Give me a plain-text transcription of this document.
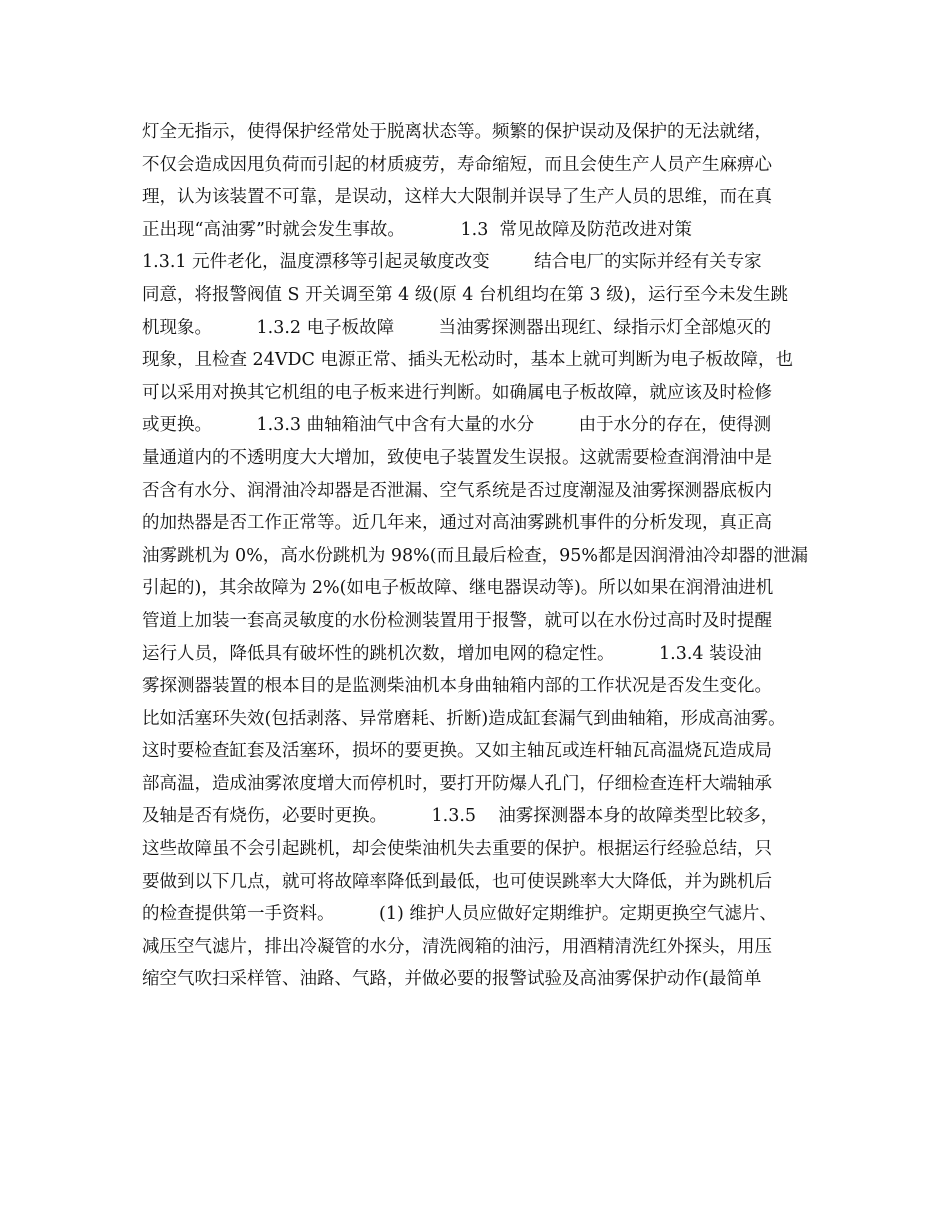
灯全无指示，使得保护经常处于脱离状态等。频繁的保护误动及保护的无法就绪，
不仅会造成因甩负荷而引起的材质疲劳，寿命缩短，而且会使生产人员产生麻痹心
理，认为该装置不可靠，是误动，这样大大限制并误导了生产人员的思维，而在真
正出现“高油雾”时就会发生事故。          1.3  常见故障及防范改进对策
1.3.1 元件老化，温度漂移等引起灵敏度改变        结合电厂的实际并经有关专家
同意，将报警阀值 S 开关调至第 4 级(原 4 台机组均在第 3 级)，运行至今未发生跳
机现象。        1.3.2 电子板故障        当油雾探测器出现红、绿指示灯全部熄灭的
现象，且检查 24VDC 电源正常、插头无松动时，基本上就可判断为电子板故障，也
可以采用对换其它机组的电子板来进行判断。如确属电子板故障，就应该及时检修
或更换。        1.3.3 曲轴箱油气中含有大量的水分        由于水分的存在，使得测
量通道内的不透明度大大增加，致使电子装置发生误报。这就需要检查润滑油中是
否含有水分、润滑油冷却器是否泄漏、空气系统是否过度潮湿及油雾探测器底板内
的加热器是否工作正常等。近几年来，通过对高油雾跳机事件的分析发现，真正高
油雾跳机为 0%，高水份跳机为 98%(而且最后检查，95%都是因润滑油冷却器的泄漏
引起的)，其余故障为 2%(如电子板故障、继电器误动等)。所以如果在润滑油进机
管道上加装一套高灵敏度的水份检测装置用于报警，就可以在水份过高时及时提醒
运行人员，降低具有破坏性的跳机次数，增加电网的稳定性。        1.3.4 装设油
雾探测器装置的根本目的是监测柴油机本身曲轴箱内部的工作状况是否发生变化。
比如活塞环失效(包括剥落、异常磨耗、折断)造成缸套漏气到曲轴箱，形成高油雾。
这时要检查缸套及活塞环，损坏的要更换。又如主轴瓦或连杆轴瓦高温烧瓦造成局
部高温，造成油雾浓度增大而停机时，要打开防爆人孔门，仔细检查连杆大端轴承
及轴是否有烧伤，必要时更换。        1.3.5    油雾探测器本身的故障类型比较多，
这些故障虽不会引起跳机，却会使柴油机失去重要的保护。根据运行经验总结，只
要做到以下几点，就可将故障率降低到最低，也可使误跳率大大降低，并为跳机后
的检查提供第一手资料。        (1) 维护人员应做好定期维护。定期更换空气滤片、
减压空气滤片，排出冷凝管的水分，清洗阀箱的油污，用酒精清洗红外探头，用压
缩空气吹扫采样管、油路、气路，并做必要的报警试验及高油雾保护动作(最简单
